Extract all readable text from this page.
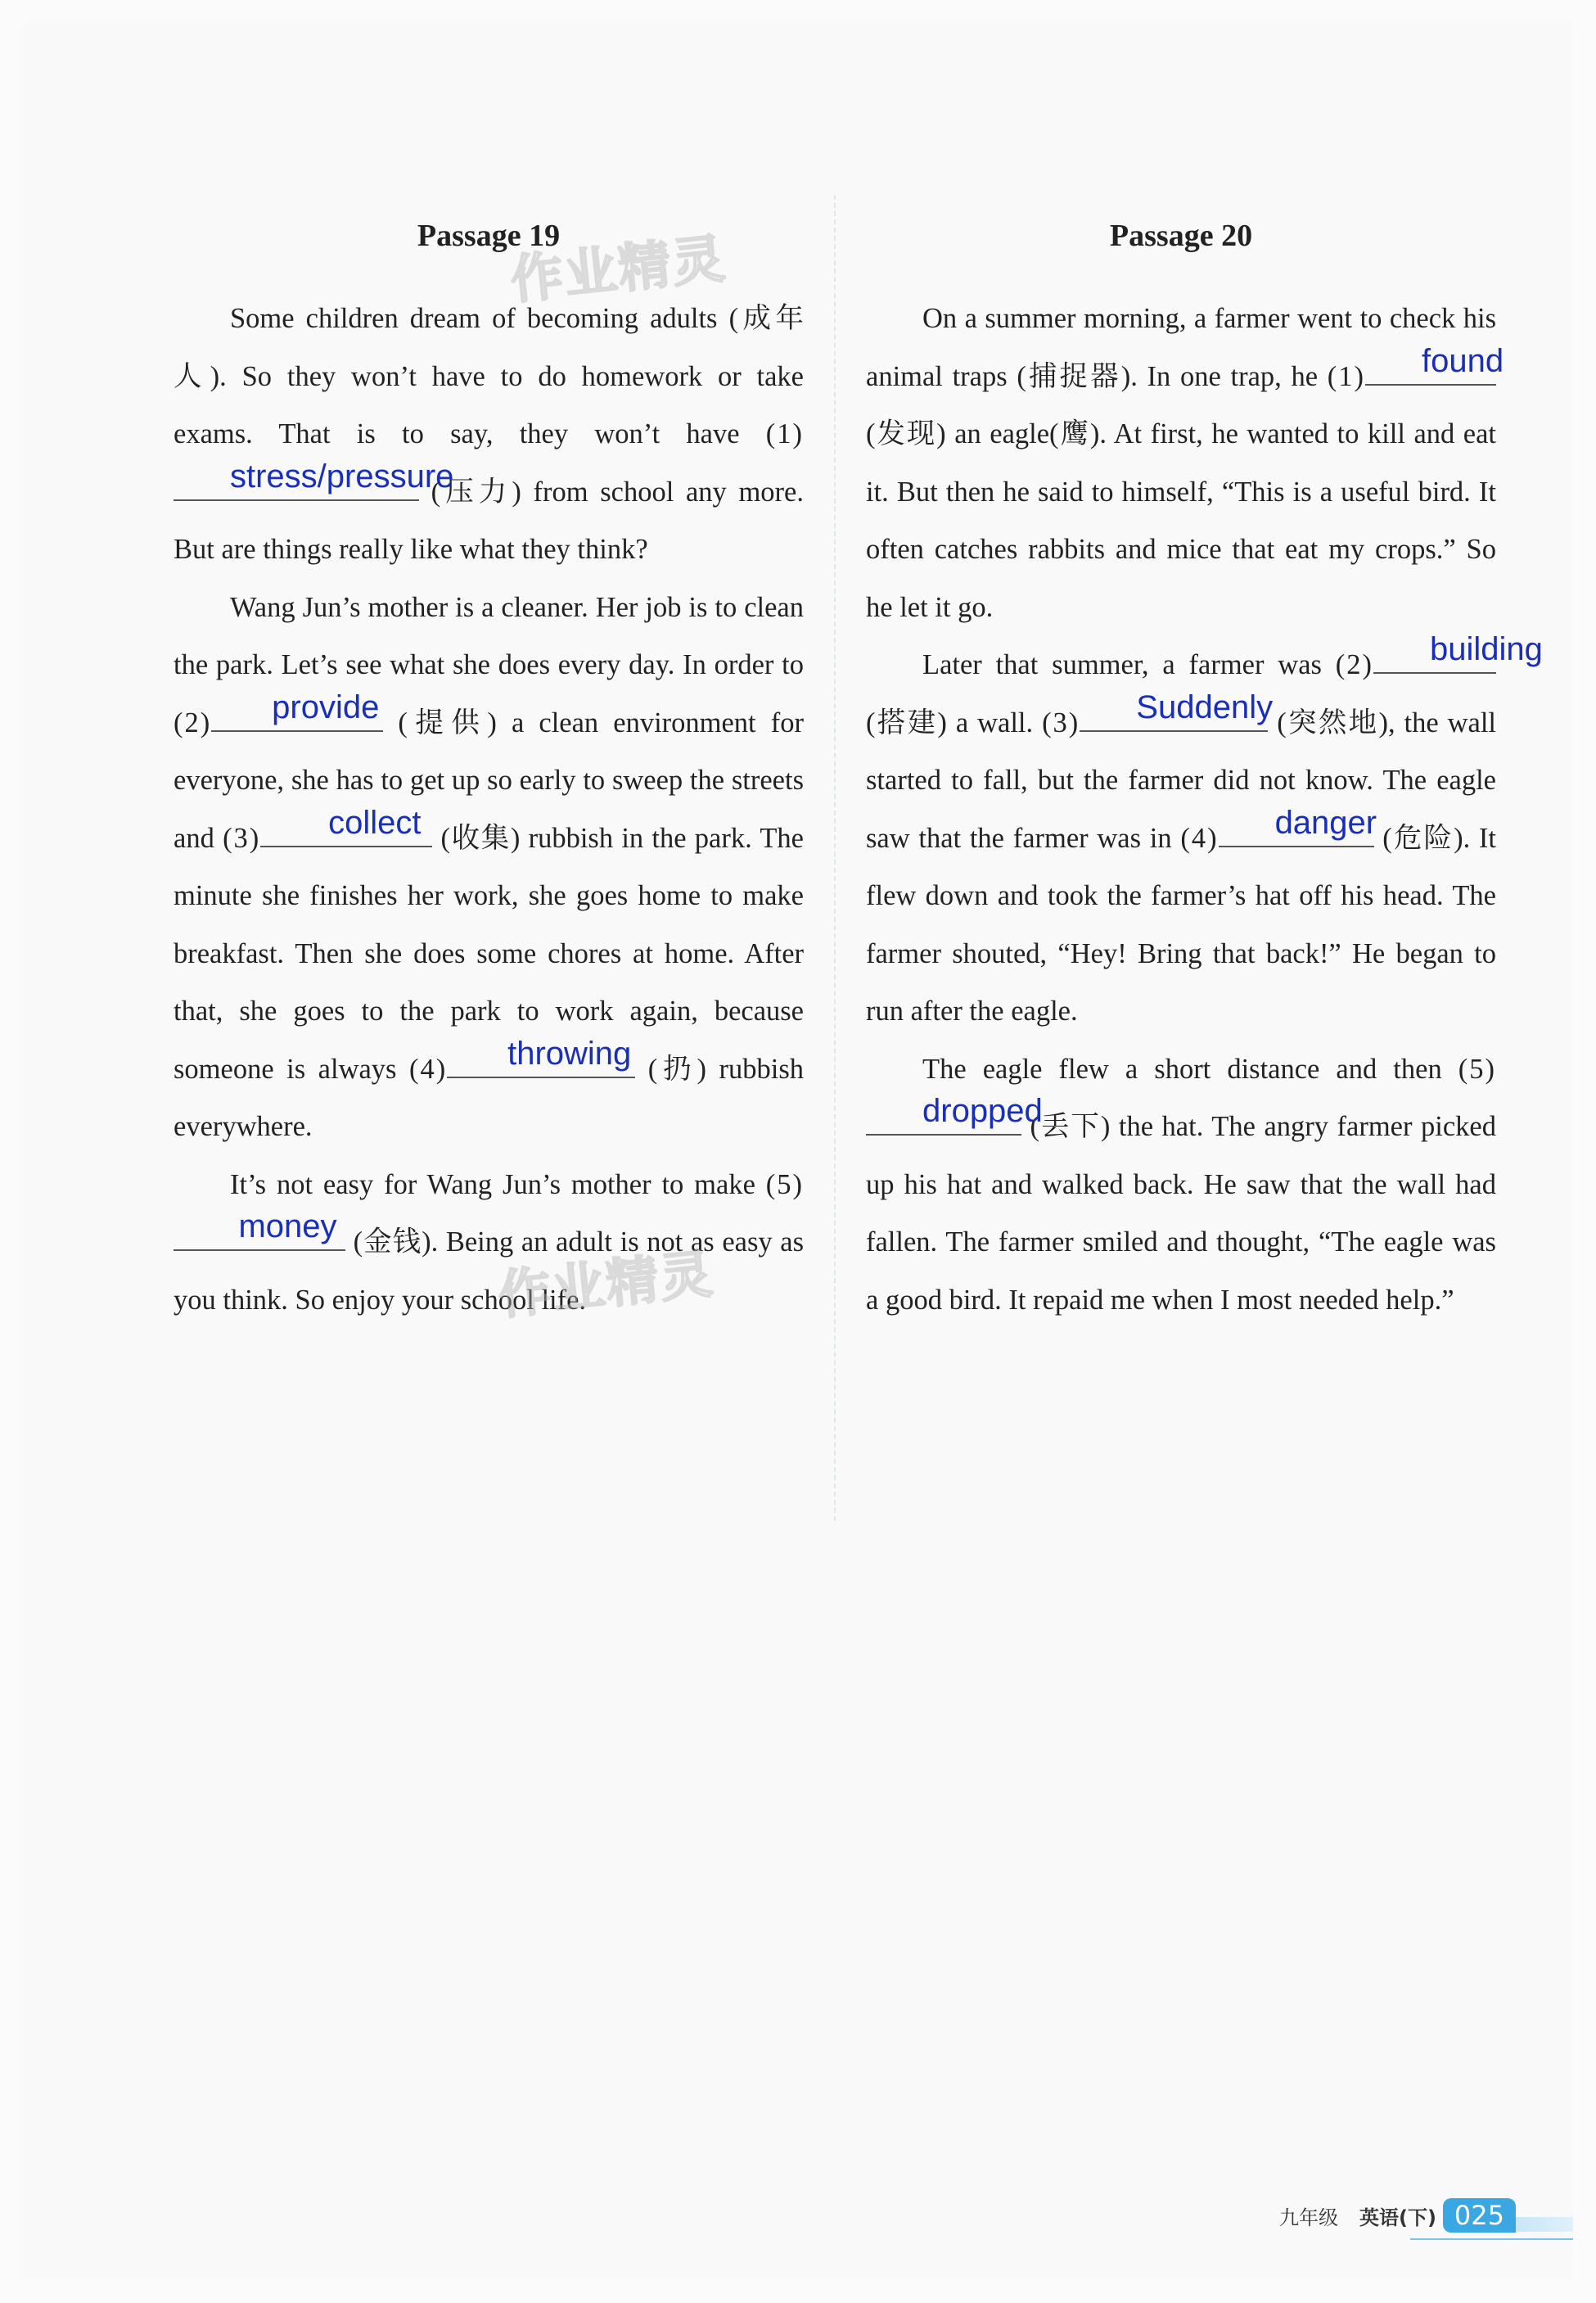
Passage 19

Some children dream of becoming adults (成年人). So they won’t have to do homework or take exams. That is to say, they won’t have (1)
stress/pressure
(压力) from school any more. But are things really like what they think?

Wang Jun’s mother is a cleaner. Her job is to clean the park. Let’s see what she does every day. In order to (2)	provide (提供) a clean environment for everyone, she has to get up so early to sweep the streets and (3)	collect (收集) rubbish in the park. The minute she finishes her work, she goes home to make breakfast. Then she does some chores at home. After that, she goes to the park to work again, because someone is always (4)	throwing (扔) rubbish everywhere.

It’s not easy for Wang Jun’s mother to make (5)
money (金钱). Being an adult is not as easy as you think. So enjoy your school life.

Passage 20

On a summer morning, a farmer went to check his animal traps (捕捉器). In one trap, he (1)	found
(发现) an eagle(鹰). At first, he wanted to kill and eat it. But then he said to himself, “This is a useful bird. It often catches rabbits and mice that eat my crops.” So he let it go.

Later that summer, a farmer was (2)	building
(搭建) a wall. (3)	Suddenly
(突然地), the wall started to fall, but the farmer did not know. The eagle saw that the farmer was in (4)	danger
(危险). It flew down and took the farmer’s hat off his head. The farmer shouted, “Hey! Bring that back!” He began to run after the eagle.

The eagle flew a short distance and then (5)
dropped
(丢下) the hat. The angry farmer picked up his hat and walked back. He saw that the wall had fallen. The farmer smiled and thought, “The eagle was a good bird. It repaid me when I most needed help.”

作业精灵
作业精灵
九年级 英语(下) 025
